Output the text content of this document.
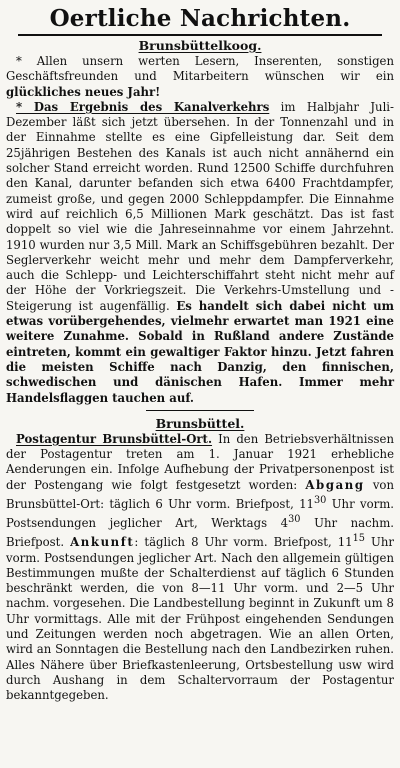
Oertliche Nachrichten.
Brunsbüttelkoog.

* Allen unsern werten Lesern, Inserenten, sonstigen Geschäftsfreunden und Mitarbeitern wünschen wir ein glückliches neues Jahr!

* Das Ergebnis des Kanalverkehrs im Halbjahr Juli-Dezember läßt sich jetzt übersehen. In der Tonnenzahl und in der Einnahme stellte es eine Gipfelleistung dar. Seit dem 25jährigen Bestehen des Kanals ist auch nicht annähernd ein solcher Stand erreicht worden. Rund 12500 Schiffe durchfuhren den Kanal, darunter befanden sich etwa 6400 Frachtdampfer, zumeist große, und gegen 2000 Schleppdampfer. Die Einnahme wird auf reichlich 6,5 Millionen Mark geschätzt. Das ist fast doppelt so viel wie die Jahreseinnahme vor einem Jahrzehnt. 1910 wurden nur 3,5 Mill. Mark an Schiffsgebühren bezahlt. Der Seglerverkehr weicht mehr und mehr dem Dampferverkehr, auch die Schlepp- und Leichterschiffahrt steht nicht mehr auf der Höhe der Vorkriegszeit. Die Verkehrs-Umstellung und -Steigerung ist augenfällig. Es handelt sich dabei nicht um etwas vorübergehendes, vielmehr erwartet man 1921 eine weitere Zunahme. Sobald in Rußland andere Zustände eintreten, kommt ein gewaltiger Faktor hinzu. Jetzt fahren die meisten Schiffe nach Danzig, den finnischen, schwedischen und dänischen Hafen. Immer mehr Handelsflaggen tauchen auf.

Brunsbüttel.

Postagentur Brunsbüttel-Ort. In den Betriebsverhältnissen der Postagentur treten am 1. Januar 1921 erhebliche Aenderungen ein. Infolge Aufhebung der Privatpersonenpost ist der Postengang wie folgt festgesetzt worden: Abgang von Brunsbüttel-Ort: täglich 6 Uhr vorm. Briefpost, $11^{30}$ Uhr vorm. Postsendungen jeglicher Art, Werktags $4^{30}$ Uhr nachm. Briefpost. Ankunft: täglich 8 Uhr vorm. Briefpost, $11^{15}$ Uhr vorm. Postsendungen jeglicher Art. Nach den allgemein gültigen Bestimmungen mußte der Schalterdienst auf täglich 6 Stunden beschränkt werden, die von 8—11 Uhr vorm. und 2—5 Uhr nachm. vorgesehen. Die Landbestellung beginnt in Zukunft um 8 Uhr vormittags. Alle mit der Frühpost eingehenden Sendungen und Zeitungen werden noch abgetragen. Wie an allen Orten, wird an Sonntagen die Bestellung nach den Landbezirken ruhen. Alles Nähere über Briefkastenleerung, Ortsbestellung usw wird durch Aushang in dem Schaltervorraum der Postagentur bekanntgegeben.
